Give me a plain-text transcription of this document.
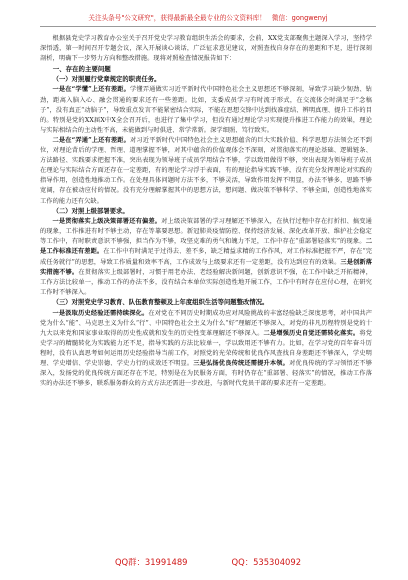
关注头条号"公文研究"，获得最新最全最专业的公文资料库！ 微信：gongwenyj

根据县党史学习教育办公室关于召开党史学习教育组织生活会的要求，会前，XX党支部聚焦主题深入学习，坚持学深悟透，第一时间召开专题会议，深入开展谈心谈话，广泛征求意见建议，对照查找自身存在的差距和不足，进行深刻剖析，明确下一步努力方向和整改措施。现将对照检查情况报告如下：

一、存在的主要问题
（一）对照履行党章规定的职责任务。

一是在“学懂”上还有差距。学懂弄通做实习近平新时代中国特色社会主义思想还不够深刻，导致学习缺少韧劲、钻劲，距离入脑入心、融会贯通的要求还有一些差距。比如，支委成员学习有时流于形式，在交流体会时满足于“念稿子”，没有真正“动脑子”，导致重点发言不能紧密结合实际，不能在思想交锋中达到找准症结、辨明真理、提升工作的目的。特别是党的XX届X中X全会召开后，也进行了集中学习，但没有通过理论学习实现提升推进工作能力的效果，理论与实际相结合的主动性不高，未能做到与时俱进、常学常新。深学细照、笃行致实。

二是在“弄通”上还有差距。对习近平新时代中国特色社会主义思想蕴含的巨大实践价值、科学思想方法领会还不到位，对理论背后的学理、哲理、道理掌握不够，对其中蕴含的价值观体会不深刻，对贯彻落实的理论基础、逻辑链条、方法路径、实践要求把握不准，突出表现为领导班子成员学用结合不够，学以致用做得不够，突出表现为领导班子成员在理论与实际结合方面还存在一定差距，有的理论学习浮于表面，有的理论指导实践不够，没有充分发挥理论对实践的指导作用，创造性地推动工作。在处理具体问题时方法不多，不够灵活，导致作用发挥不明显，办法不够多，思路不够宽阔，存在被动应付的情况。没有充分理解掌握其中的思想方法，想问题、做决策不够科学、不够全面，创造性地落实工作的能力还有欠缺。

（二）对照上级部署要求。

一是贯彻落实上级决策部署还有偏差。对上级决策部署的学习理解还不够深入，在执行过程中存在打折扣、搞变通的现象，工作推进有时不够主动，存在等靠要思想。新冠肺炎疫情防控、保持经济发展、深化改革开放、维护社会稳定等工作中，有时职责意识不够强，担当作为不够，攻坚克难的勇气和魄力不足，工作中存在“重部署轻落实”的现象。二是工作标准还有差距。在工作中有时满足于过得去、差不多，缺乏精益求精的工作作风，对工作标准把握不严，存在“完成任务就行”的思想，导致工作质量和效率不高，工作成效与上级要求还有一定差距，没有达到应有的效果。三是创新落实措施不够。在贯彻落实上级部署时，习惯于用老办法、老经验解决新问题，创新意识不强，在工作中缺乏开拓精神，工作方法比较单一，推动工作的办法不多，没有结合本单位实际创造性地开展工作，工作中有时存在应付心理，在研究工作时不够深入。

（三）对照党史学习教育、队伍教育整顿及上年度组织生活等问题整改情况。

一是汲取历史经验还需持续深化。在对党在不同历史时期成功应对风险挑战的丰富经验缺乏深度思考，对中国共产党为什么“能”、马克思主义为什么“行”、中国特色社会主义为什么“好”理解还不够深入，对党的非凡历程特别是党的十九大以来党和国家事业取得的历史性成就和发生的历史性变革理解还不够深入。二是增强历史自觉还需转化落实。将党史学习的精髓转化为实践能力还不足，指导实践的方法比较单一，学以致用还不够有力。比如，在学习党的百年奋斗历程时，没有认真思考如何运用历史经验指导当前工作，对照党的光荣传统和优良作风查找自身差距还不够深入，学史明理、学史增信、学史崇德、学史力行的成效还不明显。三是弘扬优良传统还需提升本领。对优良传统的学习领悟还不够深入，发扬党的优良传统方面还存在不足，特别是在为民服务方面，有时仍存在“重部署、轻落实”的情况，推动工作落实的办法还不够多，联系服务群众的方式方法还需进一步改进，与新时代党员干部的要求还有一定差距。

QQ群：31991489	QQ：535304092
